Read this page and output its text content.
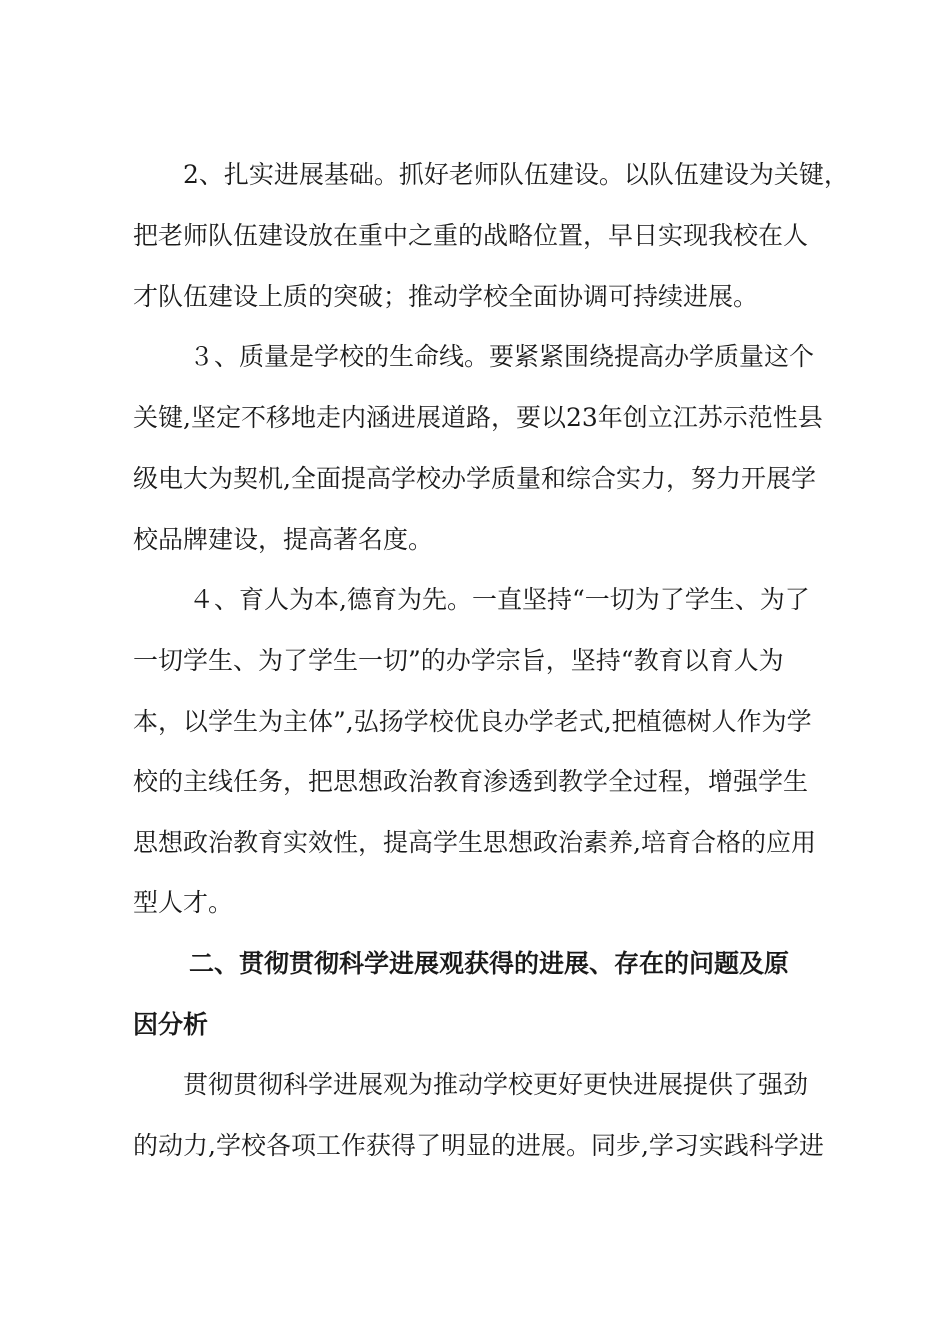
2、扎实进展基础。抓好老师队伍建设。以队伍建设为关键，
把老师队伍建设放在重中之重的战略位置，早日实现我校在人
才队伍建设上质的突破；推动学校全面协调可持续进展。
３、质量是学校的生命线。要紧紧围绕提高办学质量这个
关键,坚定不移地走内涵进展道路，要以23年创立江苏示范性县
级电大为契机,全面提高学校办学质量和综合实力，努力开展学
校品牌建设，提高著名度。
４、育人为本,德育为先。一直坚持“一切为了学生、为了
一切学生、为了学生一切”的办学宗旨，坚持“教育以育人为
本，以学生为主体”,弘扬学校优良办学老式,把植德树人作为学
校的主线任务，把思想政治教育渗透到教学全过程，增强学生
思想政治教育实效性，提高学生思想政治素养,培育合格的应用
型人才。
二、贯彻贯彻科学进展观获得的进展、存在的问题及原
因分析
贯彻贯彻科学进展观为推动学校更好更快进展提供了强劲
的动力,学校各项工作获得了明显的进展。同步,学习实践科学进
